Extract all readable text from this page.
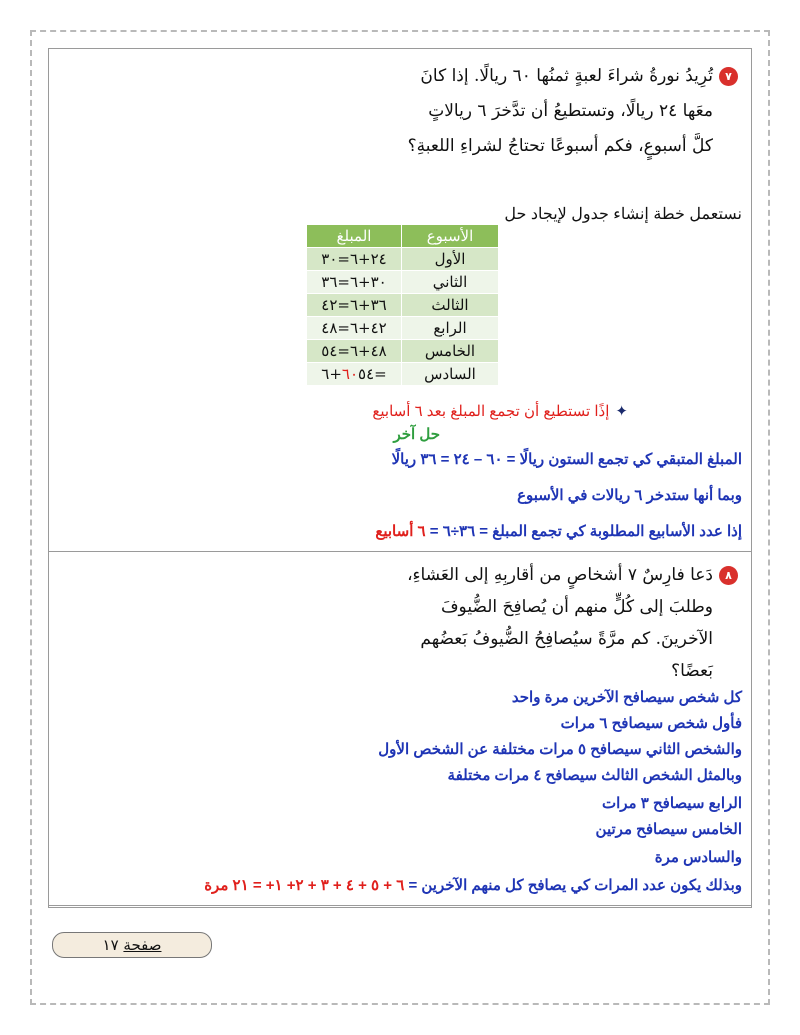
٧تُرِيدُ نورةُ شراءَ لعبةٍ ثمنُها ٦٠ ريالًا. إذا كانَ
معَها ٢٤ ريالًا، وتستطيعُ أن تدَّخرَ ٦ ريالاتٍ
كلَّ أسبوعٍ، فكم أسبوعًا تحتاجُ لشراءِ اللعبةِ؟
نستعمل خطة إنشاء جدول لإيجاد حل
الأسبوع	المبلغ
الأول	٢٤+٦=٣٠
الثاني	٣٠+٦=٣٦
الثالث	٣٦+٦=٤٢
الرابع	٤٢+٦=٤٨
الخامس	٤٨+٦=٥٤
السادس	٦٠٥٤+٦=
✦إذًا تستطيع أن تجمع المبلغ بعد ٦ أسابيع
حل آخر
المبلغ المتبقي كي تجمع الستون ريالًا = ٦٠ – ٢٤ = ٣٦ ريالًا
وبما أنها ستدخر ٦ ريالات في الأسبوع
إذا عدد الأسابيع المطلوبة كي تجمع المبلغ = ٣٦÷٦ = ٦ أسابيع
٨دَعا فارِسٌ ٧ أشخاصٍ من أقاربِهِ إلى العَشاءِ،
وطلبَ إلى كُلٍّ منهم أن يُصافِحَ الضُّيوفَ
الآخرينَ. كم مرَّةً سيُصافِحُ الضُّيوفُ بَعضُهم
بَعضًا؟
كل شخص سيصافح الآخرين مرة واحد
فأول شخص سيصافح ٦ مرات
والشخص الثاني سيصافح ٥ مرات مختلفة عن الشخص الأول
وبالمثل الشخص الثالث سيصافح ٤ مرات مختلفة
الرابع سيصافح ٣ مرات
الخامس سيصافح مرتين
والسادس مرة
وبذلك يكون عدد المرات كي يصافح كل منهم الآخرين = ٦ + ٥ + ٤ + ٣ + ٢+ ١+ = ٢١ مرة
صفحة ١٧
